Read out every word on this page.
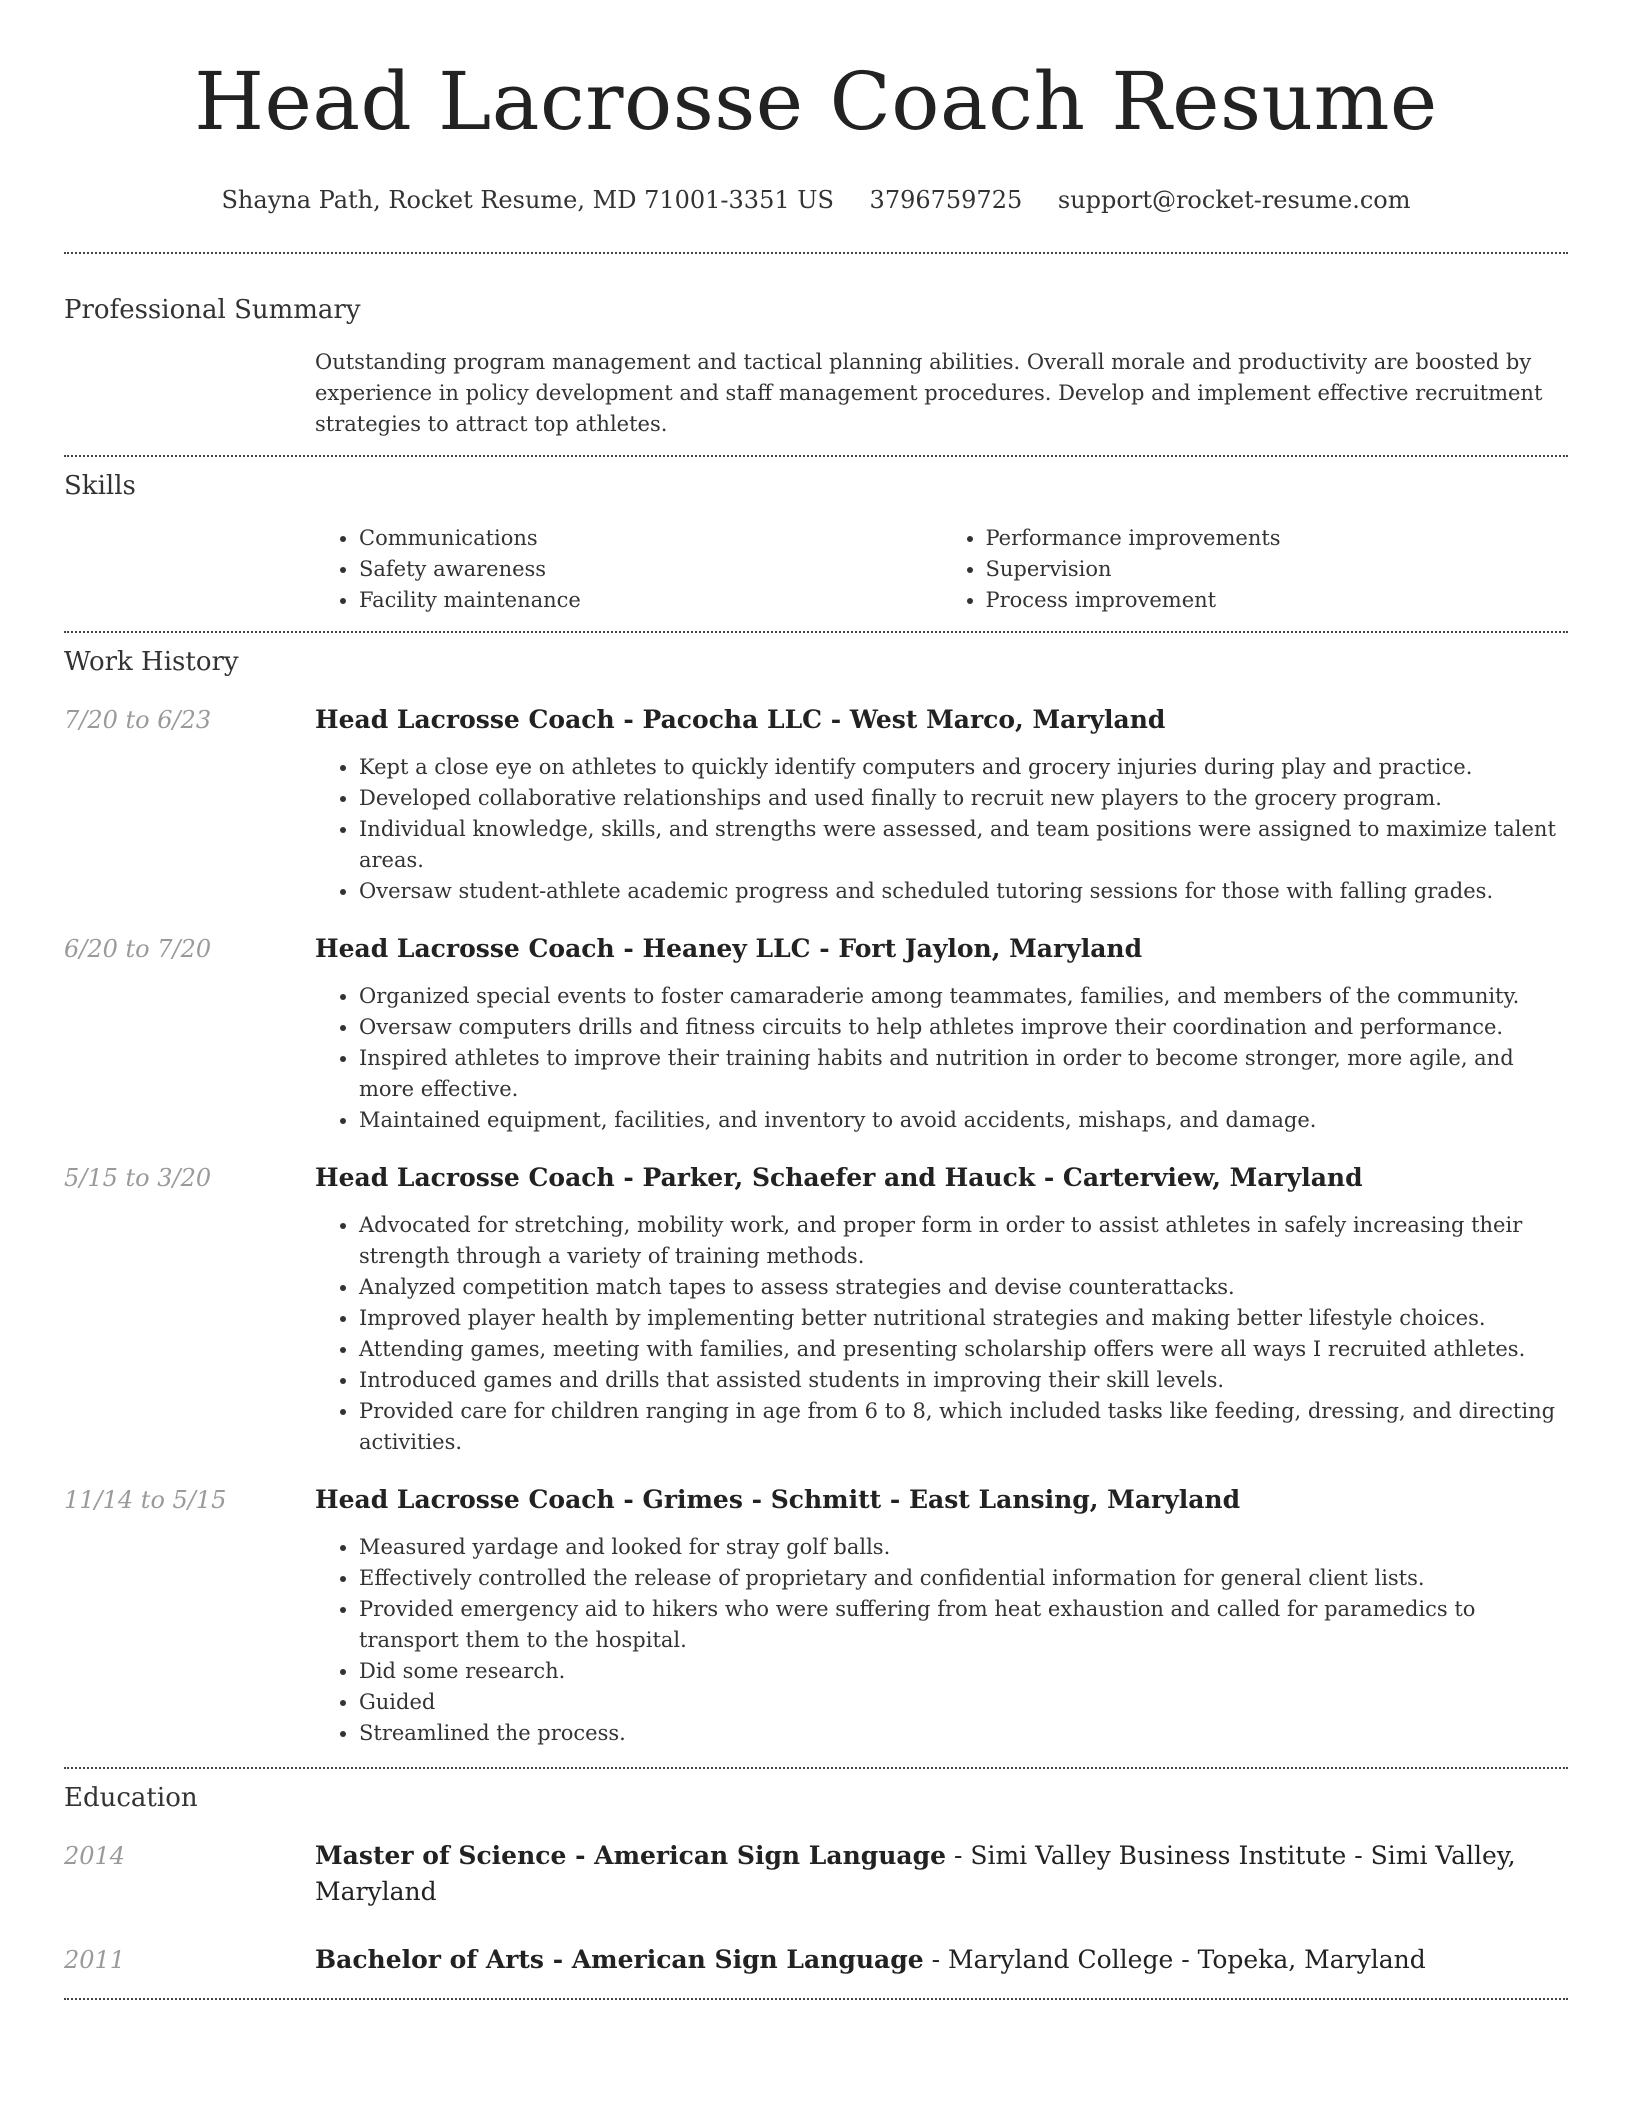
Head Lacrosse Coach Resume
Shayna Path, Rocket Resume, MD 71001-3351 US 3796759725 support@rocket-resume.com
Professional Summary

Outstanding program management and tactical planning abilities. Overall morale and productivity are boosted by experience in policy development and staff management procedures. Develop and implement effective recruitment strategies to attract top athletes.

Skills
• Communications
• Safety awareness
• Facility maintenance
• Performance improvements
• Supervision
• Process improvement
Work History
7/20 to 6/23	Head Lacrosse Coach - Pacocha LLC - West Marco, Maryland
• Kept a close eye on athletes to quickly identify computers and grocery injuries during play and practice.
• Developed collaborative relationships and used finally to recruit new players to the grocery program.
• Individual knowledge, skills, and strengths were assessed, and team positions were assigned to maximize talent areas.
• Oversaw student-athlete academic progress and scheduled tutoring sessions for those with falling grades.
6/20 to 7/20	Head Lacrosse Coach - Heaney LLC - Fort Jaylon, Maryland
• Organized special events to foster camaraderie among teammates, families, and members of the community.
• Oversaw computers drills and fitness circuits to help athletes improve their coordination and performance.
• Inspired athletes to improve their training habits and nutrition in order to become stronger, more agile, and more effective.
• Maintained equipment, facilities, and inventory to avoid accidents, mishaps, and damage.
5/15 to 3/20	Head Lacrosse Coach - Parker, Schaefer and Hauck - Carterview, Maryland
• Advocated for stretching, mobility work, and proper form in order to assist athletes in safely increasing their strength through a variety of training methods.
• Analyzed competition match tapes to assess strategies and devise counterattacks.
• Improved player health by implementing better nutritional strategies and making better lifestyle choices.
• Attending games, meeting with families, and presenting scholarship offers were all ways I recruited athletes.
• Introduced games and drills that assisted students in improving their skill levels.
• Provided care for children ranging in age from 6 to 8, which included tasks like feeding, dressing, and directing activities.
11/14 to 5/15	Head Lacrosse Coach - Grimes - Schmitt - East Lansing, Maryland
• Measured yardage and looked for stray golf balls.
• Effectively controlled the release of proprietary and confidential information for general client lists.
• Provided emergency aid to hikers who were suffering from heat exhaustion and called for paramedics to transport them to the hospital.
• Did some research.
• Guided
• Streamlined the process.
Education
2014	Master of Science - American Sign Language - Simi Valley Business Institute - Simi Valley, Maryland

2011	Bachelor of Arts - American Sign Language - Maryland College - Topeka, Maryland
